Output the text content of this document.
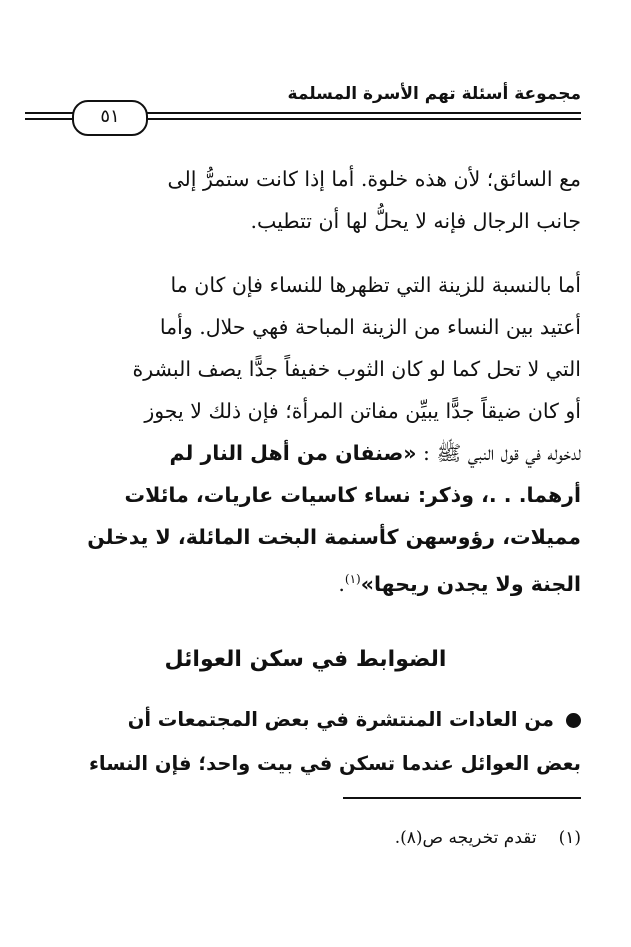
مجموعة أسئلة تهم الأسرة المسلمة
٥١
مع السائق؛ لأن هذه خلوة. أما إذا كانت ستمرُّ إلى
جانب الرجال فإنه لا يحلُّ لها أن تتطيب.
أما بالنسبة للزينة التي تظهرها للنساء فإن كان ما
أعتيد بين النساء من الزينة المباحة فهي حلال. وأما
التي لا تحل كما لو كان الثوب خفيفاً جدًّا يصف البشرة
أو كان ضيقاً جدًّا يبيِّن مفاتن المرأة؛ فإن ذلك لا يجوز
لدخوله في قول النبي ﷺ : «صنفان من أهل النار لم
أرهما. . .، وذكر: نساء كاسيات عاريات، مائلات
مميلات، رؤوسهن كأسنمة البخت المائلة، لا يدخلن
الجنة ولا يجدن ريحها»$^{(١)}$.
الضوابط في سكن العوائل
من العادات المنتشرة في بعض المجتمعات أن
بعض العوائل عندما تسكن في بيت واحد؛ فإن النساء
(١)تقدم تخريجه ص(٨).
